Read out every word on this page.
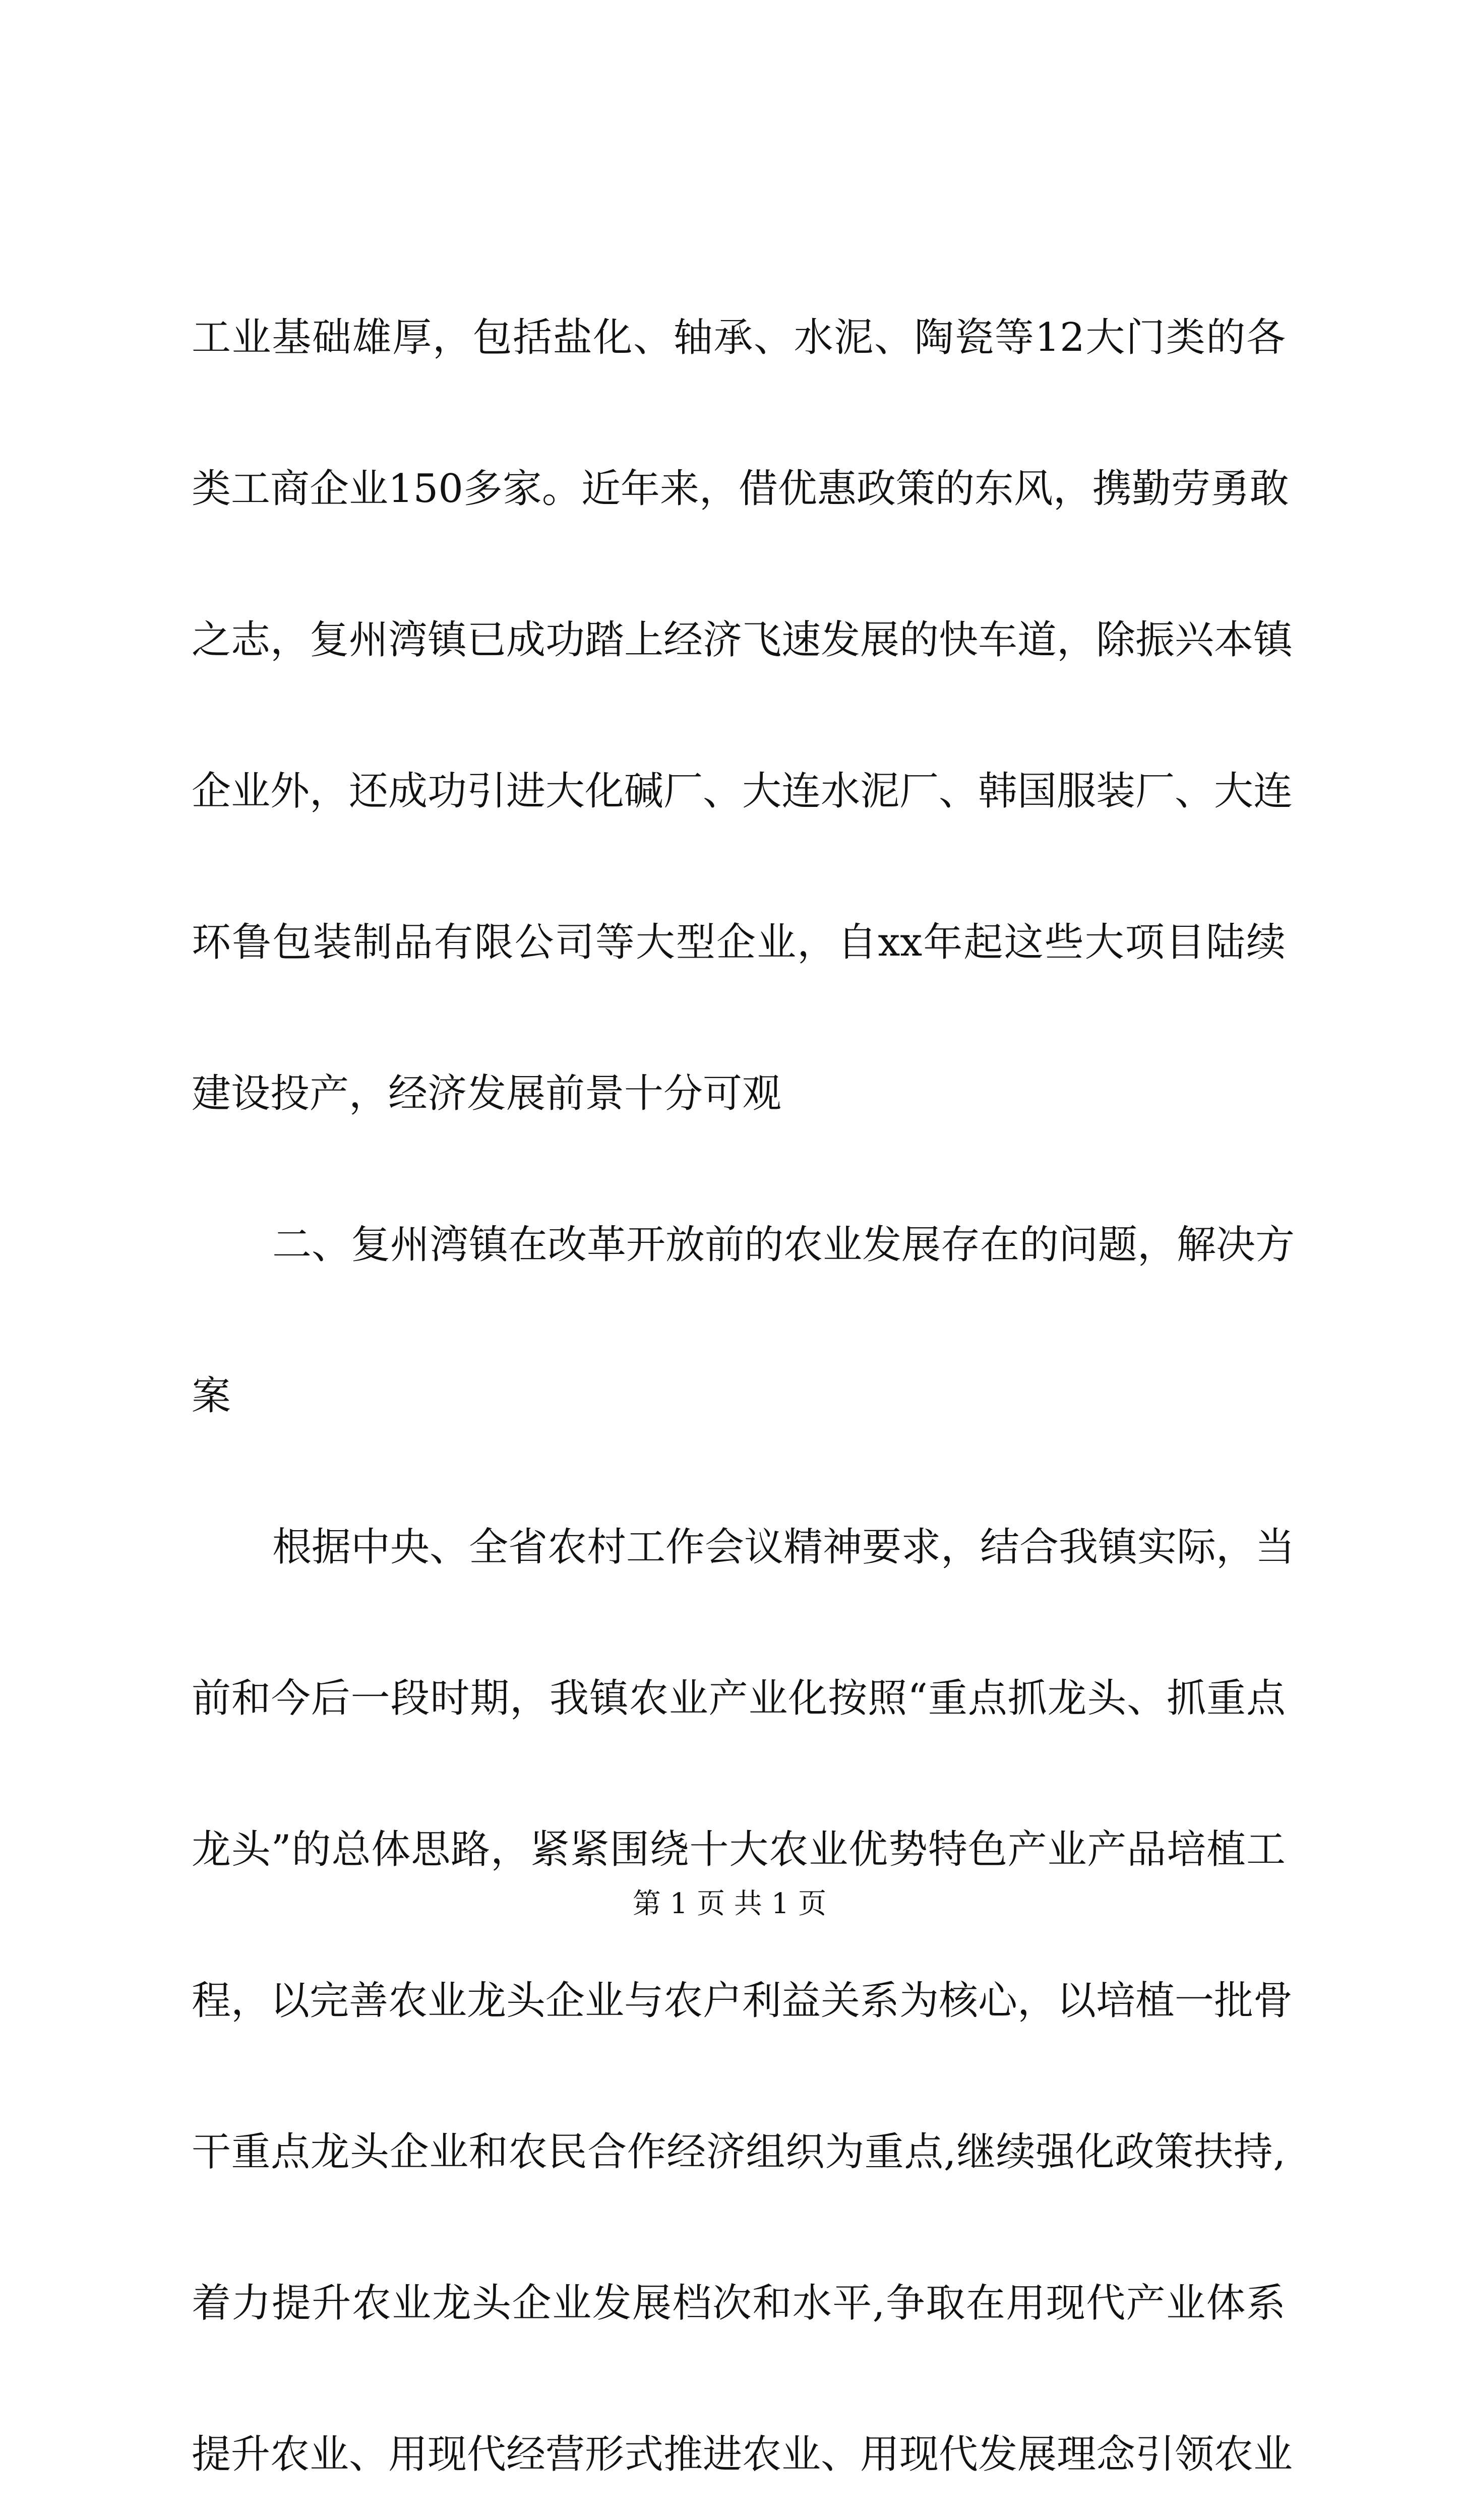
工业基础雄厚，包括盐化、轴承、水泥、陶瓷等12大门类的各
类工商企业150多家。近年来，借优惠政策的东风，携勤劳勇敢
之志，复州湾镇已成功踏上经济飞速发展的快车道，除振兴本镇
企业外，还成功引进大化碱厂、大连水泥厂、韩国服装厂、大连
环鲁包装制品有限公司等大型企业，自xx年起这些大项目陆续
建设投产，经济发展前景十分可观
二、复州湾镇在改革开放前的农业发展存在的问题，解决方
案
根据中央、全省农村工作会议精神要求，结合我镇实际，当
前和今后一段时期，我镇农业产业化按照“重点抓龙头、抓重点
龙头”的总体思路，紧紧围绕十大农业优势特色产业产品培植工
程，以完善农业龙头企业与农户利益关系为核心，以培植一批骨
干重点龙头企业和农民合作经济组织为重点,继续强化政策扶持,
着力提升农业龙头企业发展档次和水平,争取在用现代产业体系
提升农业、用现代经营形式推进农业、用现代发展理念引领农业
第 1 页 共 1 页
